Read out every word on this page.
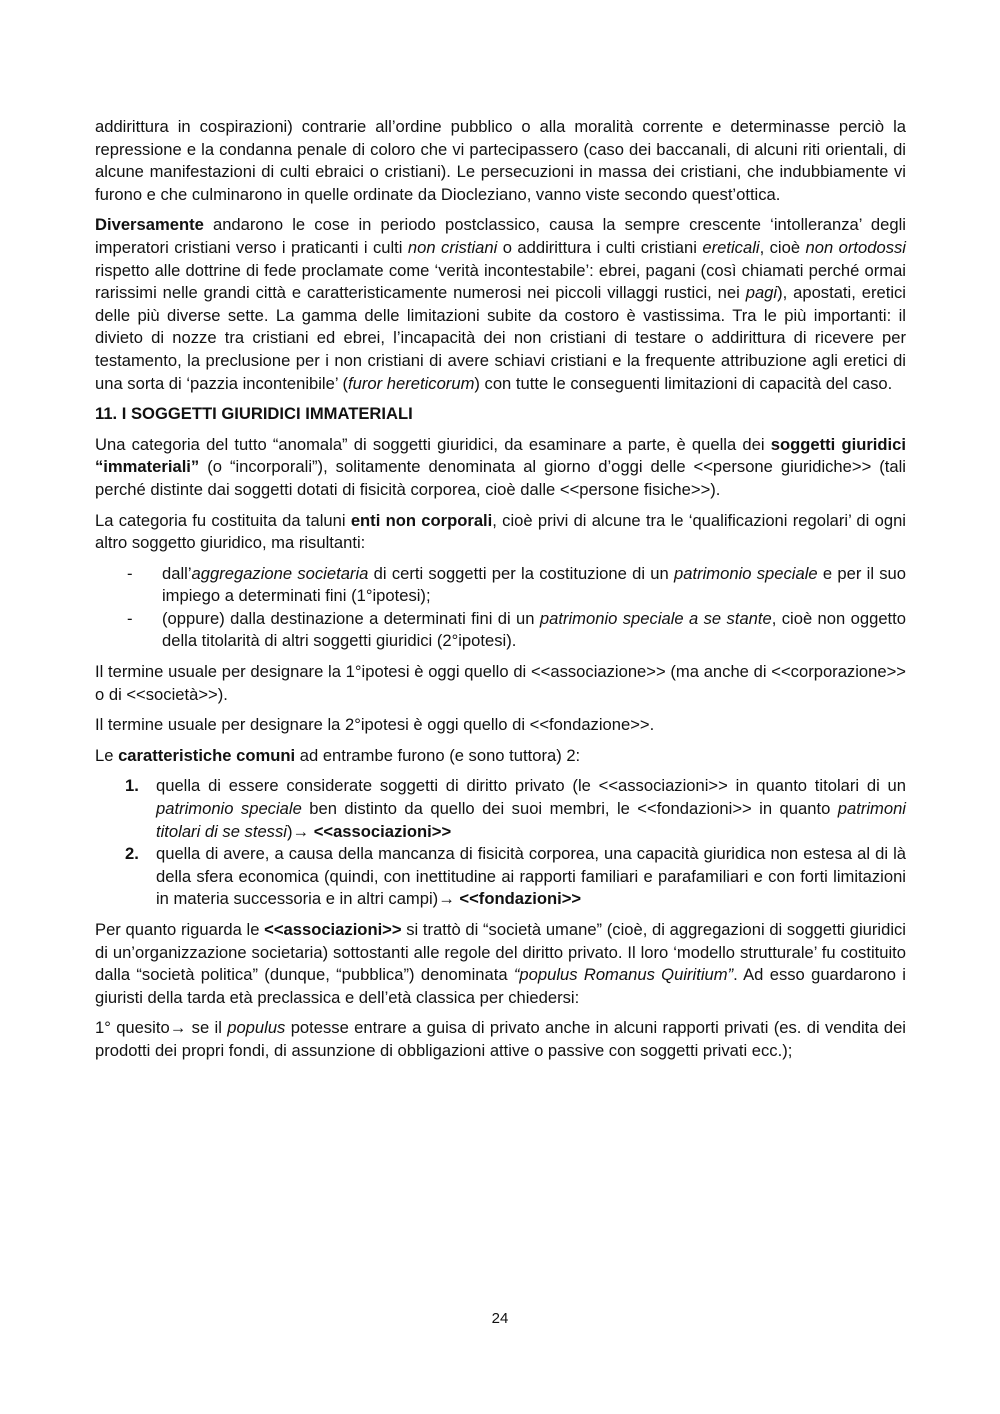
addirittura in cospirazioni) contrarie all’ordine pubblico o alla moralità corrente e determinasse perciò la repressione e la condanna penale di coloro che vi partecipassero (caso dei baccanali, di alcuni riti orientali, di alcune manifestazioni di culti ebraici o cristiani). Le persecuzioni in massa dei cristiani, che indubbiamente vi furono e che culminarono in quelle ordinate da Diocleziano, vanno viste secondo quest’ottica.

Diversamente andarono le cose in periodo postclassico, causa la sempre crescente ‘intolleranza’ degli imperatori cristiani verso i praticanti i culti non cristiani o addirittura i culti cristiani ereticali, cioè non ortodossi rispetto alle dottrine di fede proclamate come ‘verità incontestabile’: ebrei, pagani (così chiamati perché ormai rarissimi nelle grandi città e caratteristicamente numerosi nei piccoli villaggi rustici, nei pagi), apostati, eretici delle più diverse sette. La gamma delle limitazioni subite da costoro è vastissima. Tra le più importanti: il divieto di nozze tra cristiani ed ebrei, l’incapacità dei non cristiani di testare o addirittura di ricevere per testamento, la preclusione per i non cristiani di avere schiavi cristiani e la frequente attribuzione agli eretici di una sorta di ‘pazzia incontenibile’ (furor hereticorum) con tutte le conseguenti limitazioni di capacità del caso.

11. I SOGGETTI GIURIDICI IMMATERIALI

Una categoria del tutto “anomala” di soggetti giuridici, da esaminare a parte, è quella dei soggetti giuridici “immateriali” (o “incorporali”), solitamente denominata al giorno d’oggi delle <<persone giuridiche>> (tali perché distinte dai soggetti dotati di fisicità corporea, cioè dalle <<persone fisiche>>).

La categoria fu costituita da taluni enti non corporali, cioè privi di alcune tra le ‘qualificazioni regolari’ di ogni altro soggetto giuridico, ma risultanti:

- dall’aggregazione societaria di certi soggetti per la costituzione di un patrimonio speciale e per il suo impiego a determinati fini (1°ipotesi);
- (oppure) dalla destinazione a determinati fini di un patrimonio speciale a se stante, cioè non oggetto della titolarità di altri soggetti giuridici (2°ipotesi).

Il termine usuale per designare la 1°ipotesi è oggi quello di <<associazione>> (ma anche di <<corporazione>> o di <<società>>).

Il termine usuale per designare la 2°ipotesi è oggi quello di <<fondazione>>.

Le caratteristiche comuni ad entrambe furono (e sono tuttora) 2:

1. quella di essere considerate soggetti di diritto privato (le <<associazioni>> in quanto titolari di un patrimonio speciale ben distinto da quello dei suoi membri, le <<fondazioni>> in quanto patrimoni titolari di se stessi)→ <<associazioni>>
2. quella di avere, a causa della mancanza di fisicità corporea, una capacità giuridica non estesa al di là della sfera economica (quindi, con inettitudine ai rapporti familiari e parafamiliari e con forti limitazioni in materia successoria e in altri campi)→ <<fondazioni>>

Per quanto riguarda le <<associazioni>> si trattò di “società umane” (cioè, di aggregazioni di soggetti giuridici di un’organizzazione societaria) sottostanti alle regole del diritto privato. Il loro ‘modello strutturale’ fu costituito dalla “società politica” (dunque, “pubblica”) denominata “populus Romanus Quiritium”. Ad esso guardarono i giuristi della tarda età preclassica e dell’età classica per chiedersi:

1° quesito→ se il populus potesse entrare a guisa di privato anche in alcuni rapporti privati (es. di vendita dei prodotti dei propri fondi, di assunzione di obbligazioni attive o passive con soggetti privati ecc.);

24
